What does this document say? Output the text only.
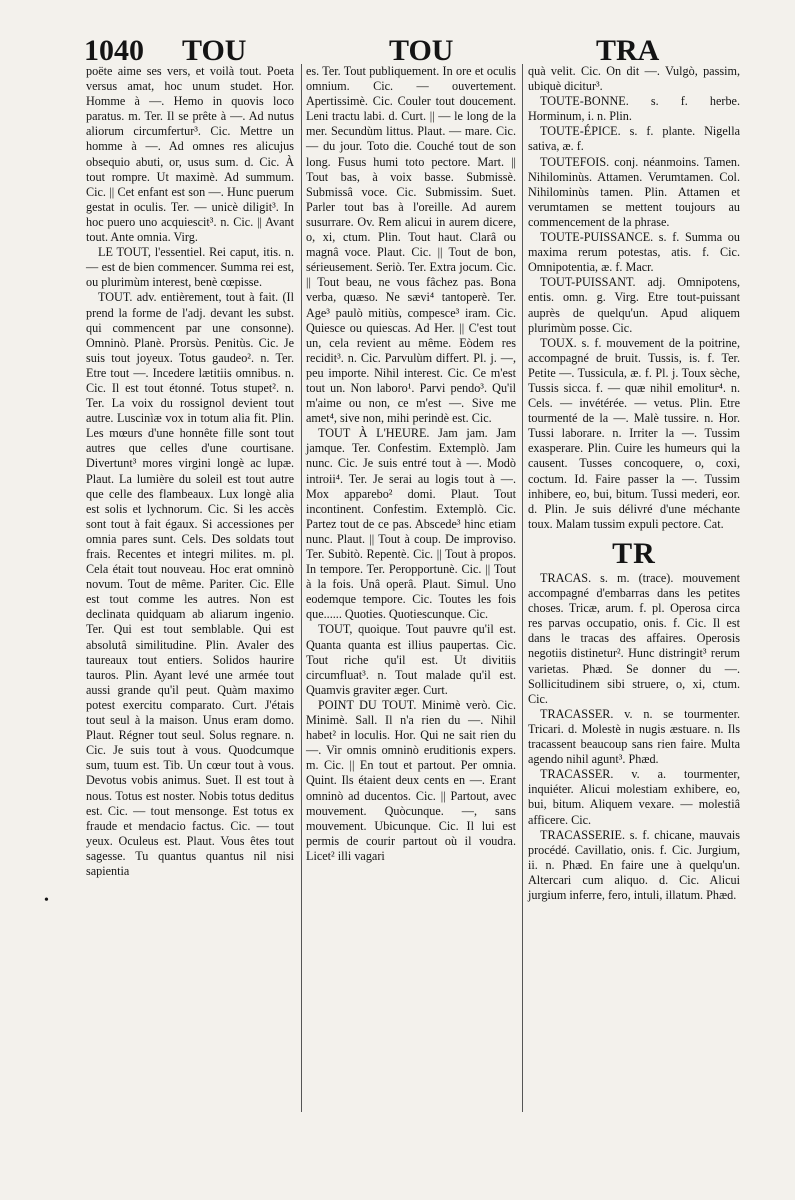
1040 TOU	TOU	TRA

poëte aime ses vers, et voilà tout. Poeta versus amat, hoc unum studet. Hor. Homme à —. Hemo in quovis loco paratus. m. Ter. Il se prête à —. Ad nutus aliorum circumfertur³. Cic. Mettre un homme à —. Ad omnes res alicujus obsequio abuti, or, usus sum. d. Cic. À tout rompre. Ut maximè. Ad summum. Cic. || Cet enfant est son —. Hunc puerum gestat in oculis. Ter. — unicè diligit³. In hoc puero uno acquiescit³. n. Cic. || Avant tout. Ante omnia. Virg.

LE TOUT, l'essentiel. Rei caput, itis. n. — est de bien commencer. Summa rei est, ou plurimùm interest, benè cœpisse.

TOUT. adv. entièrement, tout à fait. (Il prend la forme de l'adj. devant les subst. qui commencent par une consonne). Omninò. Planè. Prorsùs. Penitùs. Cic. Je suis tout joyeux. Totus gaudeo². n. Ter. Etre tout —. Incedere lætitiis omnibus. n. Cic. Il est tout étonné. Totus stupet². n. Ter. La voix du rossignol devient tout autre. Luscinìæ vox in totum alia fit. Plin. Les mœurs d'une honnête fille sont tout autres que celles d'une courtisane. Divertunt³ mores virgini longè ac lupæ. Plaut. La lumière du soleil est tout autre que celle des flambeaux. Lux longè alia est solis et lychnorum. Cic. Si les accès sont tout à fait égaux. Si accessiones per omnia pares sunt. Cels. Des soldats tout frais. Recentes et integri milites. m. pl. Cela était tout nouveau. Hoc erat omninò novum. Tout de même. Pariter. Cic. Elle est tout comme les autres. Non est declinata quidquam ab aliarum ingenio. Ter. Qui est tout semblable. Qui est absolutâ similitudine. Plin. Avaler des taureaux tout entiers. Solidos haurire tauros. Plin. Ayant levé une armée tout aussi grande qu'il peut. Quàm maximo potest exercitu comparato. Curt. J'étais tout seul à la maison. Unus eram domo. Plaut. Régner tout seul. Solus regnare. n. Cic. Je suis tout à vous. Quodcumque sum, tuum est. Tib. Un cœur tout à vous. Devotus vobis animus. Suet. Il est tout à nous. Totus est noster. Nobis totus deditus est. Cic. — tout mensonge. Est totus ex fraude et mendacio factus. Cic. — tout yeux. Oculeus est. Plaut. Vous êtes tout sagesse. Tu quantus quantus nil nisi sapientia

es. Ter. Tout publiquement. In ore et oculis omnium. Cic. — ouvertement. Apertissimè. Cic. Couler tout doucement. Leni tractu labi. d. Curt. || — le long de la mer. Secundùm littus. Plaut. — mare. Cic. — du jour. Toto die. Couché tout de son long. Fusus humi toto pectore. Mart. || Tout bas, à voix basse. Submissè. Submissâ voce. Cic. Submissim. Suet. Parler tout bas à l'oreille. Ad aurem susurrare. Ov. Rem alicui in aurem dicere, o, xi, ctum. Plin. Tout haut. Clarâ ou magnâ voce. Plaut. Cic. || Tout de bon, sérieusement. Seriò. Ter. Extra jocum. Cic. || Tout beau, ne vous fâchez pas. Bona verba, quæso. Ne sævi⁴ tantoperè. Ter. Age³ paulò mitiùs, compesce³ iram. Cic. Quiesce ou quiescas. Ad Her. || C'est tout un, cela revient au même. Eòdem res recidit³. n. Cic. Parvulùm differt. Pl. j. —, peu importe. Nihil interest. Cic. Ce m'est tout un. Non laboro¹. Parvi pendo³. Qu'il m'aime ou non, ce m'est —. Sive me amet⁴, sive non, mihi perindè est. Cic.

TOUT À L'HEURE. Jam jam. Jam jamque. Ter. Confestim. Extemplò. Jam nunc. Cic. Je suis entré tout à —. Modò introii⁴. Ter. Je serai au logis tout à —. Mox apparebo² domi. Plaut. Tout incontinent. Confestim. Extemplò. Cic. Partez tout de ce pas. Abscede³ hinc etiam nunc. Plaut. || Tout à coup. De improviso. Ter. Subitò. Repentè. Cic. || Tout à propos. In tempore. Ter. Peropportunè. Cic. || Tout à la fois. Unâ operâ. Plaut. Simul. Uno eodemque tempore. Cic. Toutes les fois que...... Quoties. Quotiescunque. Cic.

TOUT, quoique. Tout pauvre qu'il est. Quanta quanta est illius paupertas. Cic. Tout riche qu'il est. Ut divitiis circumfluat³. n. Tout malade qu'il est. Quamvis graviter æger. Curt.

POINT DU TOUT. Minimè verò. Cic. Minimè. Sall. Il n'a rien du —. Nihil habet² in loculis. Hor. Qui ne sait rien du —. Vir omnis omninò eruditionis expers. m. Cic. || En tout et partout. Per omnia. Quint. Ils étaient deux cents en —. Erant omninò ad ducentos. Cic. || Partout, avec mouvement. Quòcunque. —, sans mouvement. Ubicunque. Cic. Il lui est permis de courir partout où il voudra. Licet² illi vagari

quà velit. Cic. On dit —. Vulgò, passim, ubiquè dicitur³.

TOUTE-BONNE. s. f. herbe. Horminum, i. n. Plin.

TOUTE-ÉPICE. s. f. plante. Nigella sativa, æ. f.

TOUTEFOIS. conj. néanmoins. Tamen. Nihilominùs. Attamen. Verumtamen. Col. Nihilominùs tamen. Plin. Attamen et verumtamen se mettent toujours au commencement de la phrase.

TOUTE-PUISSANCE. s. f. Summa ou maxima rerum potestas, atis. f. Cic. Omnipotentia, æ. f. Macr.

TOUT-PUISSANT. adj. Omnipotens, entis. omn. g. Virg. Etre tout-puissant auprès de quelqu'un. Apud aliquem plurimùm posse. Cic.

TOUX. s. f. mouvement de la poitrine, accompagné de bruit. Tussis, is. f. Ter. Petite —. Tussicula, æ. f. Pl. j. Toux sèche, Tussis sicca. f. — quæ nihil emolitur⁴. n. Cels. — invétérée. — vetus. Plin. Etre tourmenté de la —. Malè tussire. n. Hor. Tussi laborare. n. Irriter la —. Tussim exasperare. Plin. Cuire les humeurs qui la causent. Tusses concoquere, o, coxi, coctum. Id. Faire passer la —. Tussim inhibere, eo, bui, bitum. Tussi mederi, eor. d. Plin. Je suis délivré d'une méchante toux. Malam tussim expuli pectore. Cat.

TR

TRACAS. s. m. (trace). mouvement accompagné d'embarras dans les petites choses. Tricæ, arum. f. pl. Operosa circa res parvas occupatio, onis. f. Cic. Il est dans le tracas des affaires. Operosis negotiis distinetur². Hunc distringit³ rerum varietas. Phæd. Se donner du —. Sollicitudinem sibi struere, o, xi, ctum. Cic.

TRACASSER. v. n. se tourmenter. Tricari. d. Molestè in nugis æstuare. n. Ils tracassent beaucoup sans rien faire. Multa agendo nihil agunt³. Phæd.

TRACASSER. v. a. tourmenter, inquiéter. Alicui molestiam exhibere, eo, bui, bitum. Aliquem vexare. — molestiâ afficere. Cic.

TRACASSERIE. s. f. chicane, mauvais procédé. Cavillatio, onis. f. Cic. Jurgium, ii. n. Phæd. En faire une à quelqu'un. Altercari cum aliquo. d. Cic. Alicui jurgium inferre, fero, intuli, illatum. Phæd.

•
